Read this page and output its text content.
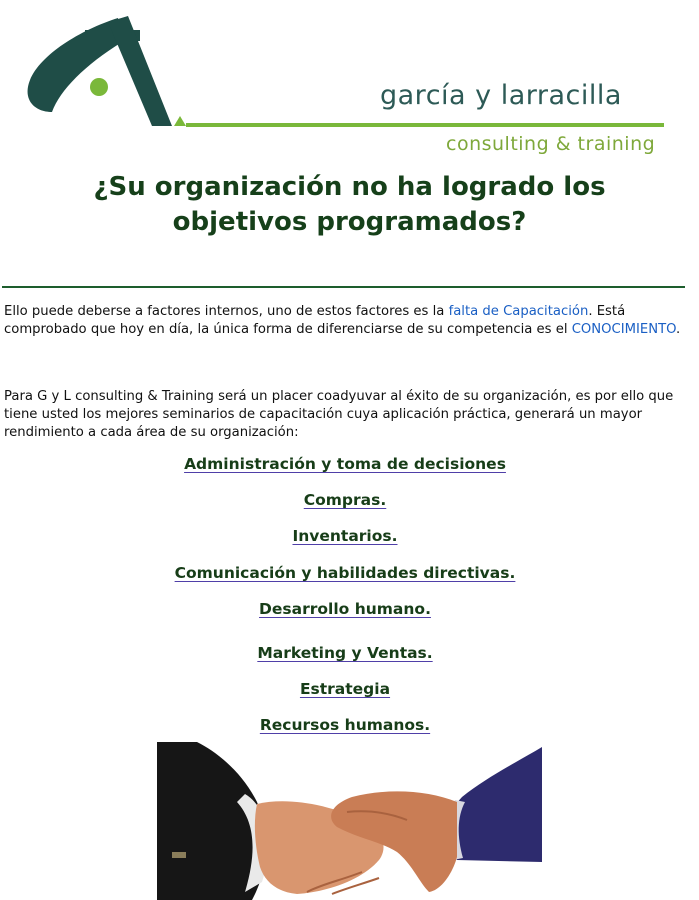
garcía y larracilla
consulting & training
¿Su organización no ha logrado los
objetivos programados?
Ello puede deberse a factores internos, uno de estos factores es la falta de Capacitación. Está comprobado que hoy en día, la única forma de diferenciarse de su competencia es el CONOCIMIENTO.
Para G y L consulting & Training será un placer coadyuvar al éxito de su organización, es por ello que tiene usted los mejores seminarios de capacitación cuya aplicación práctica, generará un mayor rendimiento a cada área de su organización:
Administración y toma de decisiones
Compras.
Inventarios.
Comunicación y habilidades directivas.
Desarrollo humano.
Marketing y Ventas.
Estrategia
Recursos humanos.
